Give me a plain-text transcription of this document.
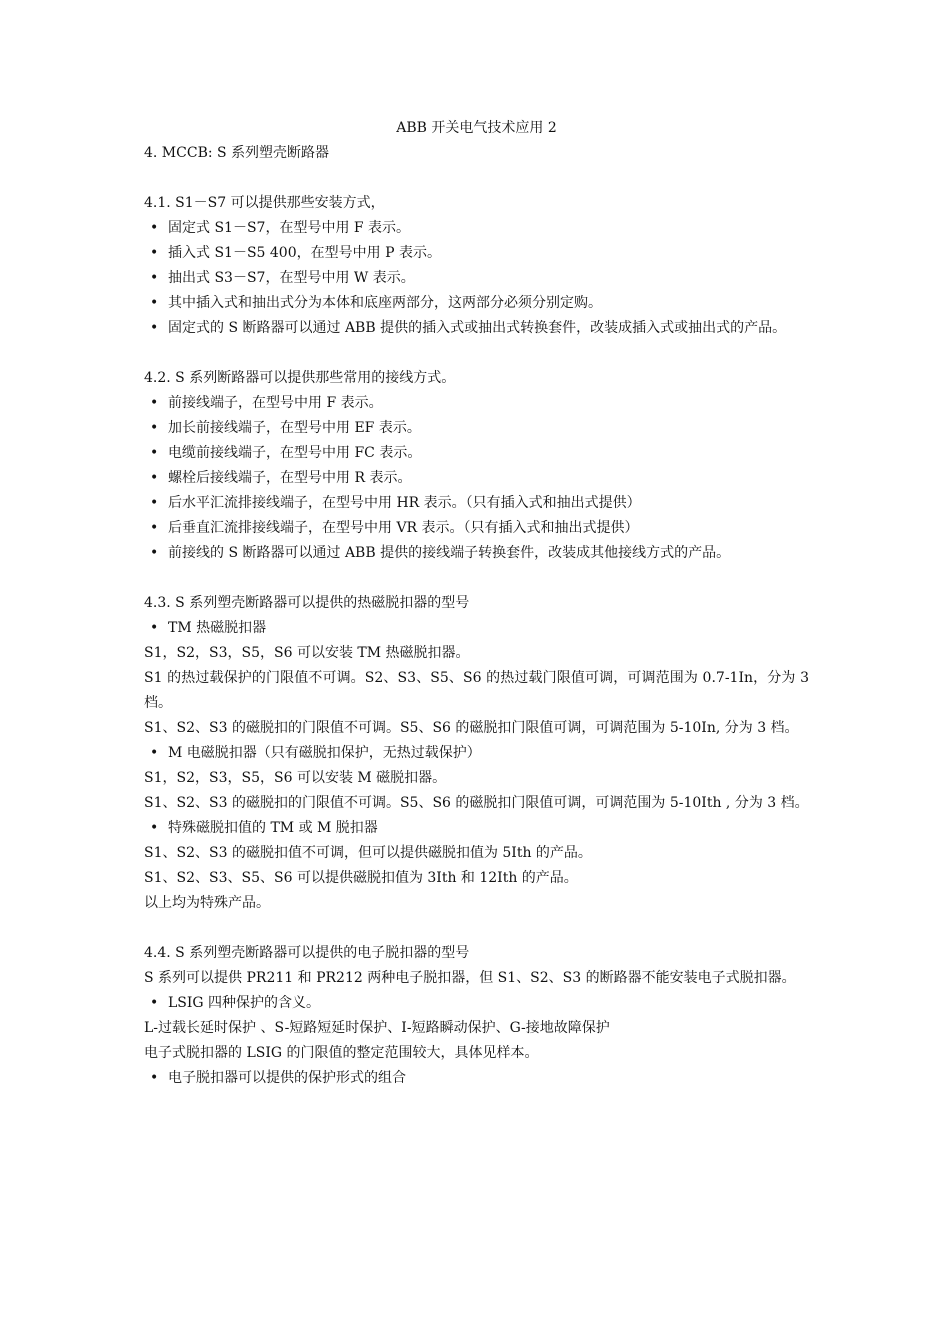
ABB 开关电气技术应用 2

4. MCCB: S 系列塑壳断路器

4.1. S1－S7 可以提供那些安装方式，

• 固定式 S1－S7，在型号中用 F 表示。

• 插入式 S1－S5 400，在型号中用 P 表示。

• 抽出式 S3－S7，在型号中用 W 表示。

• 其中插入式和抽出式分为本体和底座两部分，这两部分必须分别定购。

• 固定式的 S 断路器可以通过 ABB 提供的插入式或抽出式转换套件，改装成插入式或抽出式的产品。

4.2. S 系列断路器可以提供那些常用的接线方式。

• 前接线端子，在型号中用 F 表示。

• 加长前接线端子，在型号中用 EF 表示。

• 电缆前接线端子，在型号中用 FC 表示。

• 螺栓后接线端子，在型号中用 R 表示。

• 后水平汇流排接线端子，在型号中用 HR 表示。（只有插入式和抽出式提供）

• 后垂直汇流排接线端子，在型号中用 VR 表示。（只有插入式和抽出式提供）

• 前接线的 S 断路器可以通过 ABB 提供的接线端子转换套件，改装成其他接线方式的产品。

4.3. S 系列塑壳断路器可以提供的热磁脱扣器的型号

• TM 热磁脱扣器

S1，S2，S3，S5，S6 可以安装 TM 热磁脱扣器。

S1 的热过载保护的门限值不可调。S2、S3、S5、S6 的热过载门限值可调，可调范围为 0.7-1In，分为 3 档。

S1、S2、S3 的磁脱扣的门限值不可调。S5、S6 的磁脱扣门限值可调，可调范围为 5-10In, 分为 3 档。

• M 电磁脱扣器（只有磁脱扣保护，无热过载保护）

S1，S2，S3，S5，S6 可以安装 M 磁脱扣器。

S1、S2、S3 的磁脱扣的门限值不可调。S5、S6 的磁脱扣门限值可调，可调范围为 5-10Ith , 分为 3 档。

• 特殊磁脱扣值的 TM 或 M 脱扣器

S1、S2、S3 的磁脱扣值不可调，但可以提供磁脱扣值为 5Ith 的产品。

S1、S2、S3、S5、S6 可以提供磁脱扣值为 3Ith 和 12Ith 的产品。

以上均为特殊产品。

4.4. S 系列塑壳断路器可以提供的电子脱扣器的型号

S 系列可以提供 PR211 和 PR212 两种电子脱扣器，但 S1、S2、S3 的断路器不能安装电子式脱扣器。

• LSIG 四种保护的含义。

L-过载长延时保护 、S-短路短延时保护、I-短路瞬动保护、G-接地故障保护

电子式脱扣器的 LSIG 的门限值的整定范围较大，具体见样本。

• 电子脱扣器可以提供的保护形式的组合
